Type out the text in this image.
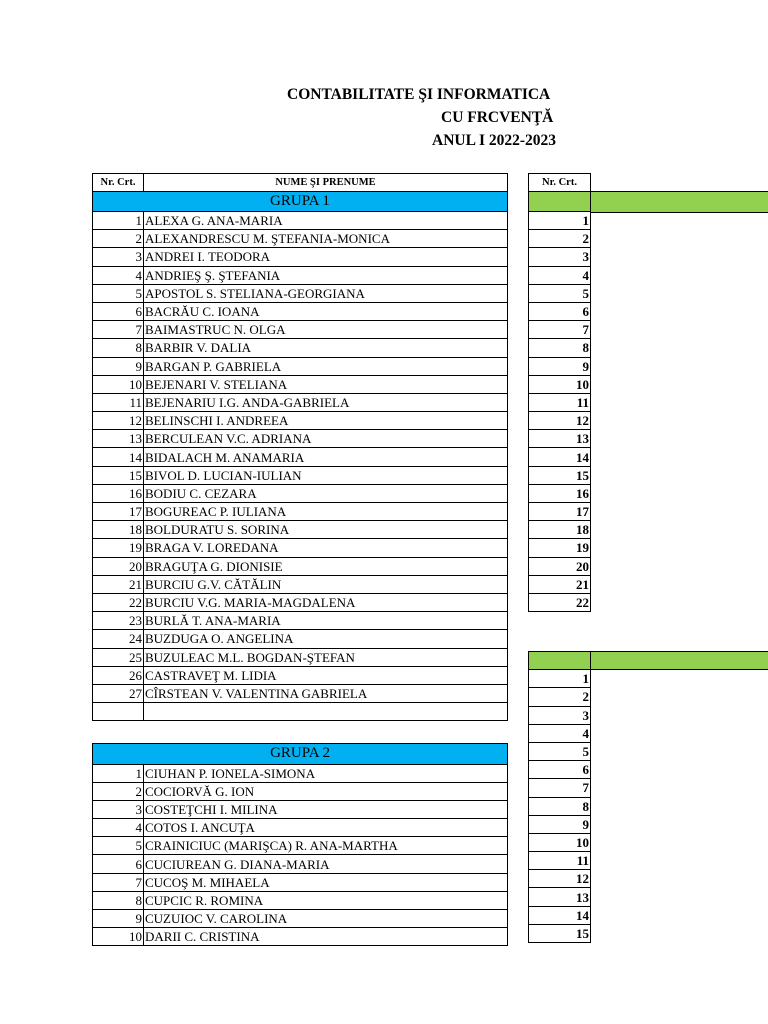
CONTABILITATE ŞI INFORMATICA
CU FRCVENŢĂ
ANUL I 2022-2023
Nr. Crt.	NUME ŞI PRENUME
GRUPA 1	
1	ALEXA G. ANA-MARIA
2	ALEXANDRESCU M. ŞTEFANIA-MONICA
3	ANDREI I. TEODORA
4	ANDRIEŞ Ş. ŞTEFANIA
5	APOSTOL S. STELIANA-GEORGIANA
6	BACRĂU C. IOANA
7	BAIMASTRUC N. OLGA
8	BARBIR V. DALIA
9	BARGAN P. GABRIELA
10	BEJENARI V. STELIANA
11	BEJENARIU I.G. ANDA-GABRIELA
12	BELINSCHI I. ANDREEA
13	BERCULEAN V.C. ADRIANA
14	BIDALACH M. ANAMARIA
15	BIVOL D. LUCIAN-IULIAN
16	BODIU C. CEZARA
17	BOGUREAC P. IULIANA
18	BOLDURATU S. SORINA
19	BRAGA V. LOREDANA
20	BRAGUŢA G. DIONISIE
21	BURCIU G.V. CĂTĂLIN
22	BURCIU V.G. MARIA-MAGDALENA
23	BURLĂ T. ANA-MARIA
24	BUZDUGA O. ANGELINA
25	BUZULEAC M.L. BOGDAN-ŞTEFAN
26	CASTRAVEŢ M. LIDIA
27	CÎRSTEAN V. VALENTINA GABRIELA

GRUPA 2	
1	CIUHAN P. IONELA-SIMONA
2	COCIORVĂ G. ION
3	COSTEŢCHI I. MILINA
4	COTOS I. ANCUŢA
5	CRAINICIUC (MARIŞCA) R. ANA-MARTHA
6	CUCIUREAN G. DIANA-MARIA
7	CUCOŞ M. MIHAELA
8	CUPCIC R. ROMINA
9	CUZUIOC V. CAROLINA
10	DARII C. CRISTINA
Nr. Crt.

1
2
3
4
5
6
7
8
9
10
11
12
13
14
15
16
17
18
19
20
21
22

1
2
3
4
5
6
7
8
9
10
11
12
13
14
15
